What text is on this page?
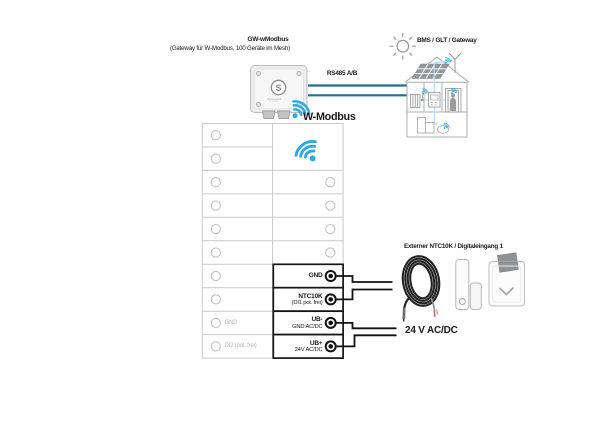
S
GW-wModbus
(Gateway für W-Modbus, 100 Geräte im Mesh)
RS485 A/B
BMS / GLT / Gateway
W-Modbus
GND
NTC10K
(DI1 pot. frei)
UB-
GND AC/DC
UB+
24V AC/DC
GND
DI2 (pot. frei)
Externer NTC10K / Digitaleingang 1
24 V AC/DC
